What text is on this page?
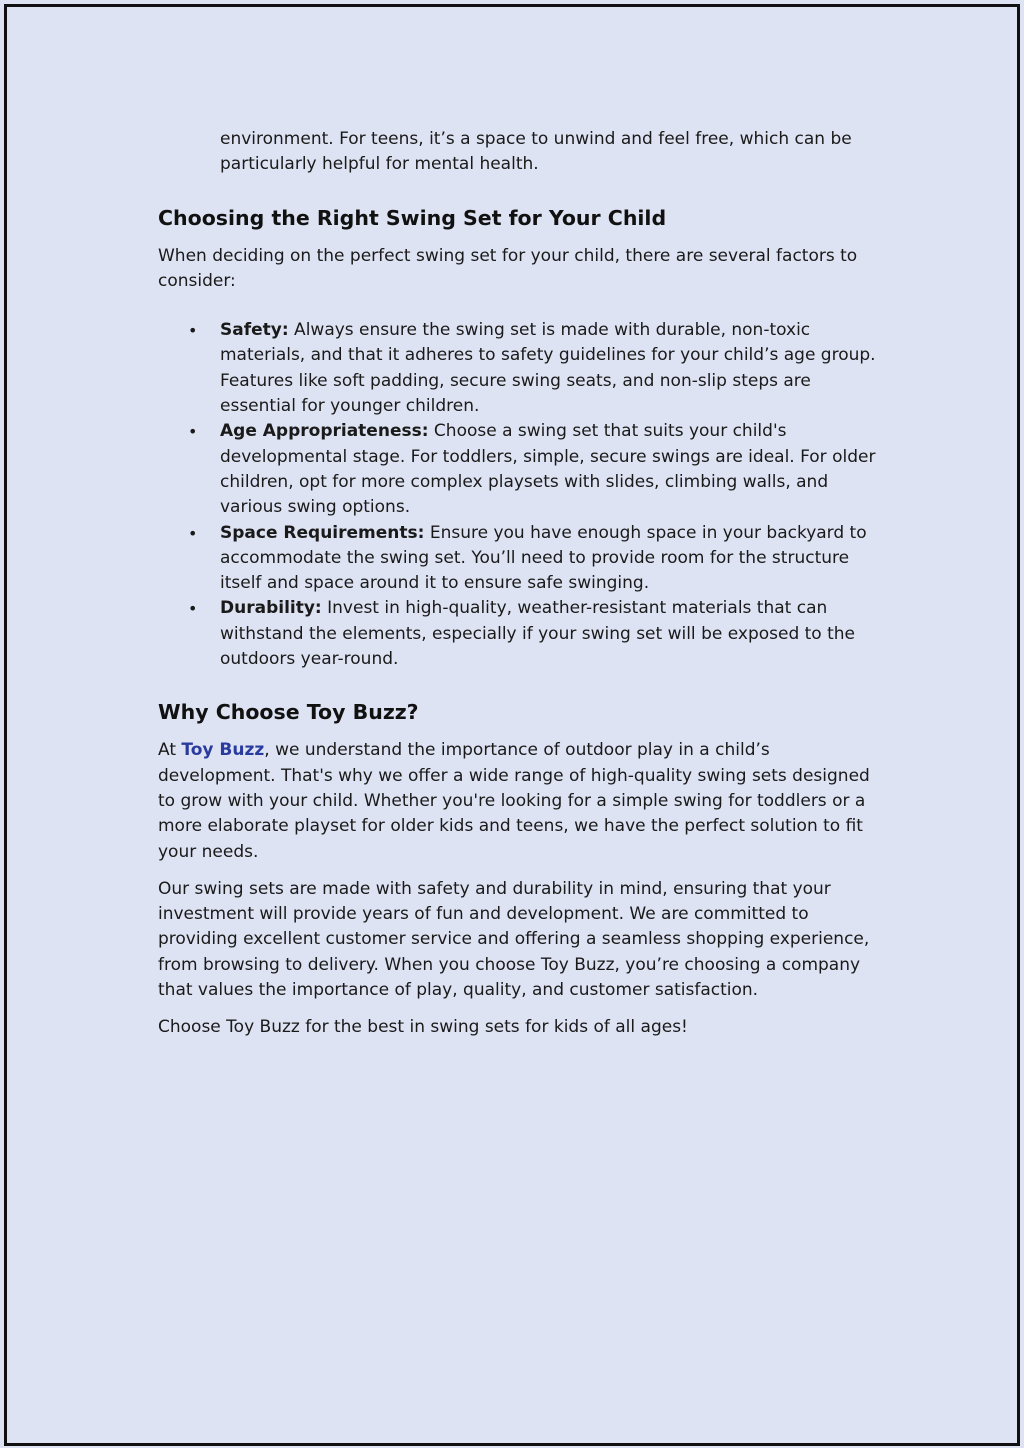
environment. For teens, it’s a space to unwind and feel free, which can be particularly helpful for mental health.

Choosing the Right Swing Set for Your Child

When deciding on the perfect swing set for your child, there are several factors to consider:

• Safety: Always ensure the swing set is made with durable, non-toxic materials, and that it adheres to safety guidelines for your child’s age group. Features like soft padding, secure swing seats, and non-slip steps are essential for younger children.
• Age Appropriateness: Choose a swing set that suits your child's developmental stage. For toddlers, simple, secure swings are ideal. For older children, opt for more complex playsets with slides, climbing walls, and various swing options.
• Space Requirements: Ensure you have enough space in your backyard to accommodate the swing set. You’ll need to provide room for the structure itself and space around it to ensure safe swinging.
• Durability: Invest in high-quality, weather-resistant materials that can withstand the elements, especially if your swing set will be exposed to the outdoors year-round.
Why Choose Toy Buzz?

At Toy Buzz, we understand the importance of outdoor play in a child’s development. That's why we offer a wide range of high-quality swing sets designed to grow with your child. Whether you're looking for a simple swing for toddlers or a more elaborate playset for older kids and teens, we have the perfect solution to fit your needs.

Our swing sets are made with safety and durability in mind, ensuring that your investment will provide years of fun and development. We are committed to providing excellent customer service and offering a seamless shopping experience, from browsing to delivery. When you choose Toy Buzz, you’re choosing a company that values the importance of play, quality, and customer satisfaction.

Choose Toy Buzz for the best in swing sets for kids of all ages!
